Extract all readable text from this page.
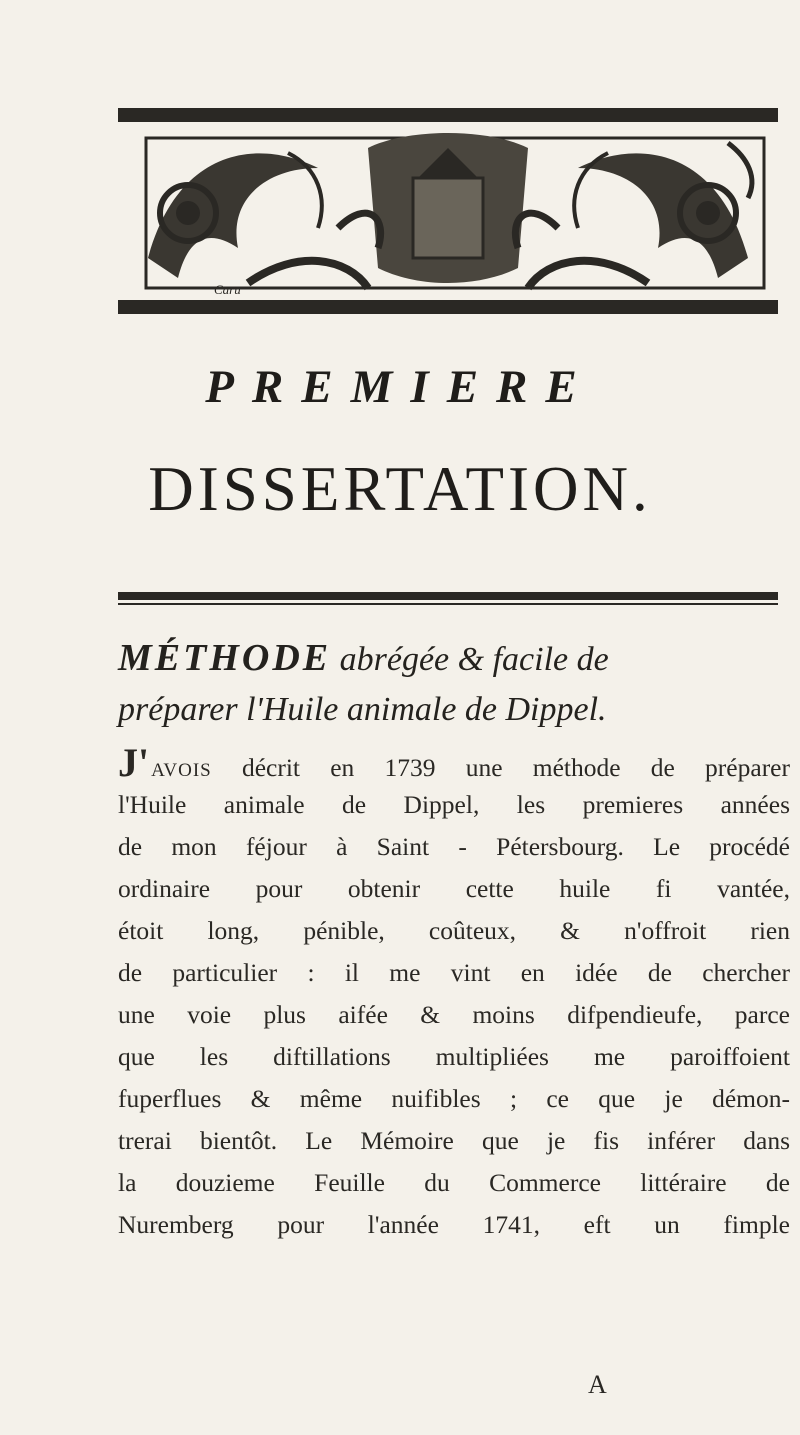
Caru
PREMIERE
DISSERTATION.
MÉTHODE abrégée & facile de
préparer l'Huile animale de Dippel.
J' AVOIS décrit en 1739 une méthode de préparer
l'Huile animale de Dippel, les premieres années
de mon féjour à Saint - Pétersbourg. Le procédé
ordinaire pour obtenir cette huile fi vantée,
étoit long, pénible, coûteux, & n'offroit rien
de particulier : il me vint en idée de chercher
une voie plus aifée & moins difpendieufe, parce
que les diftillations multipliées me paroiffoient
fuperflues & même nuifibles ; ce que je démon-
trerai bientôt. Le Mémoire que je fis inférer dans
la douzieme Feuille du Commerce littéraire de
Nuremberg pour l'année 1741, eft un fimple
A
